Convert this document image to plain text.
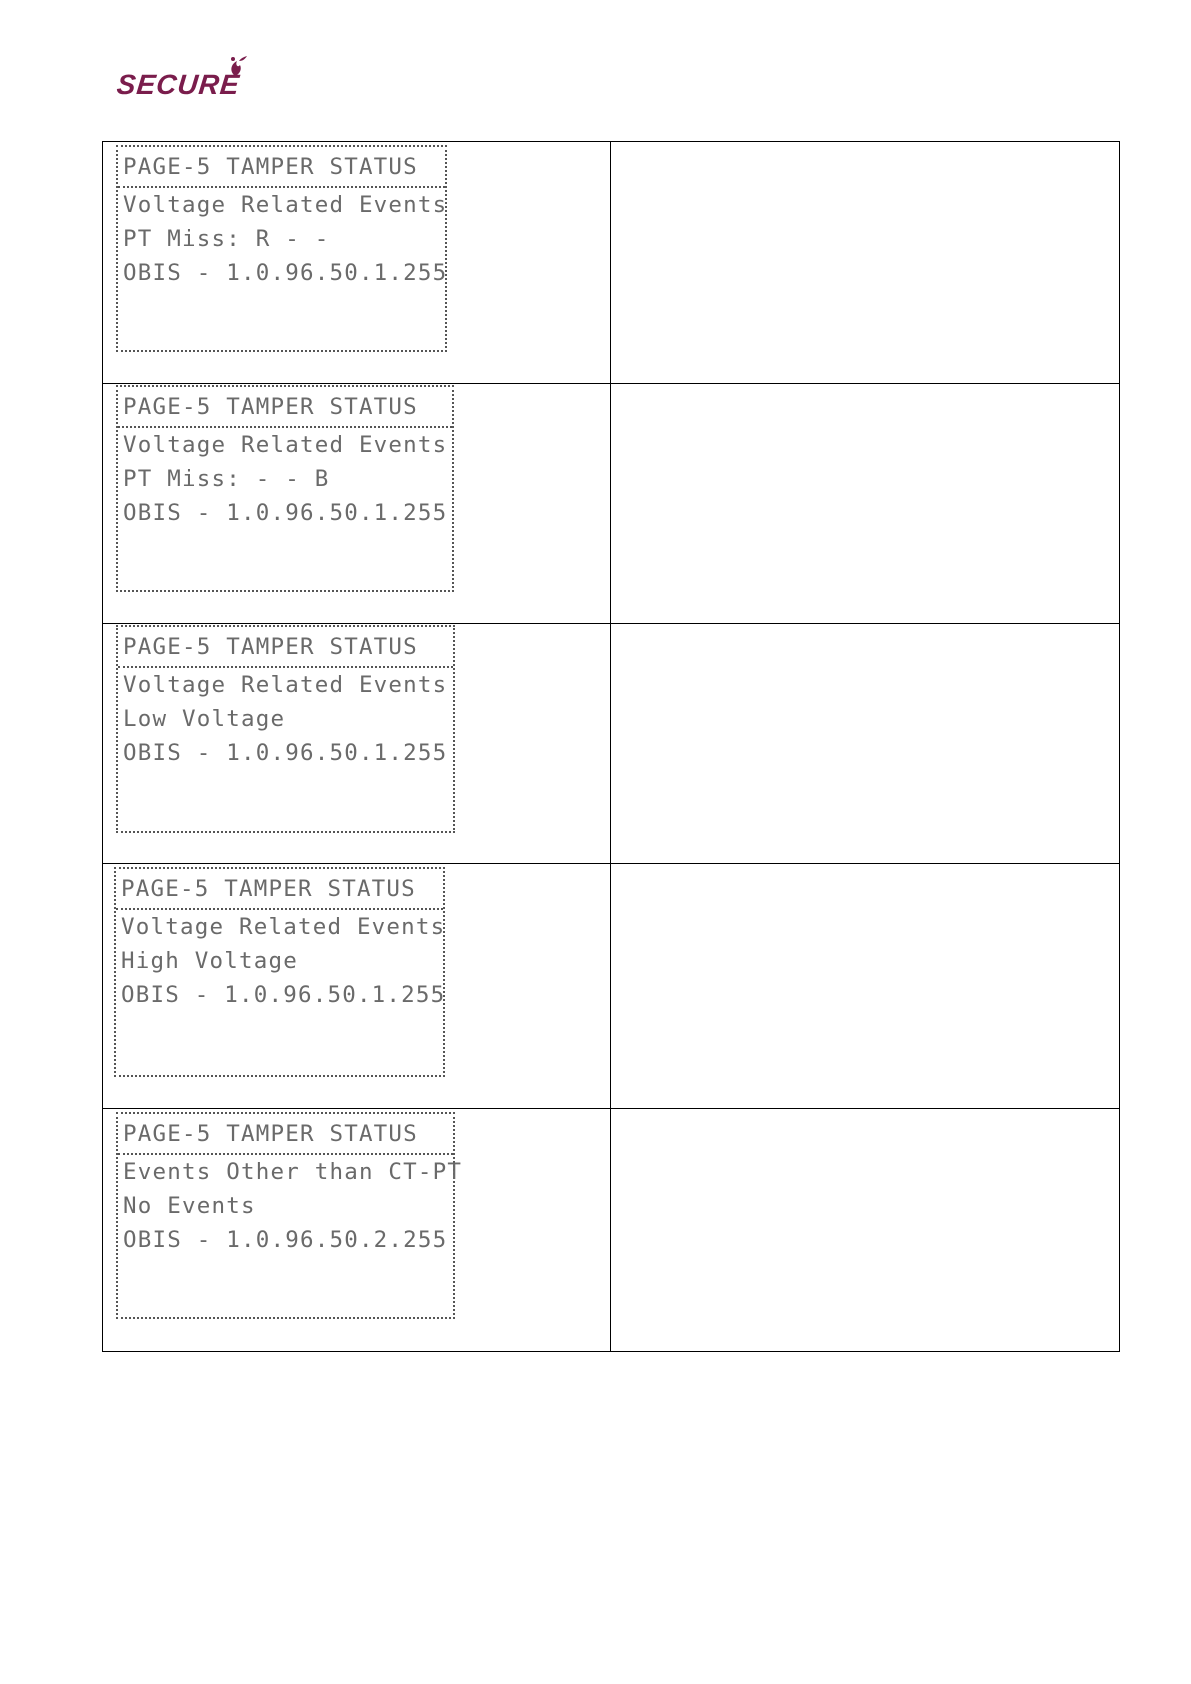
SECURE
PAGE-5 TAMPER STATUS
Voltage Related Events
PT Miss: R - -
OBIS - 1.0.96.50.1.255
PAGE-5 TAMPER STATUS
Voltage Related Events
PT Miss: - - B
OBIS - 1.0.96.50.1.255
PAGE-5 TAMPER STATUS
Voltage Related Events
Low Voltage
OBIS - 1.0.96.50.1.255
PAGE-5 TAMPER STATUS
Voltage Related Events
High Voltage
OBIS - 1.0.96.50.1.255
PAGE-5 TAMPER STATUS
Events Other than CT-PT
No Events
OBIS - 1.0.96.50.2.255
